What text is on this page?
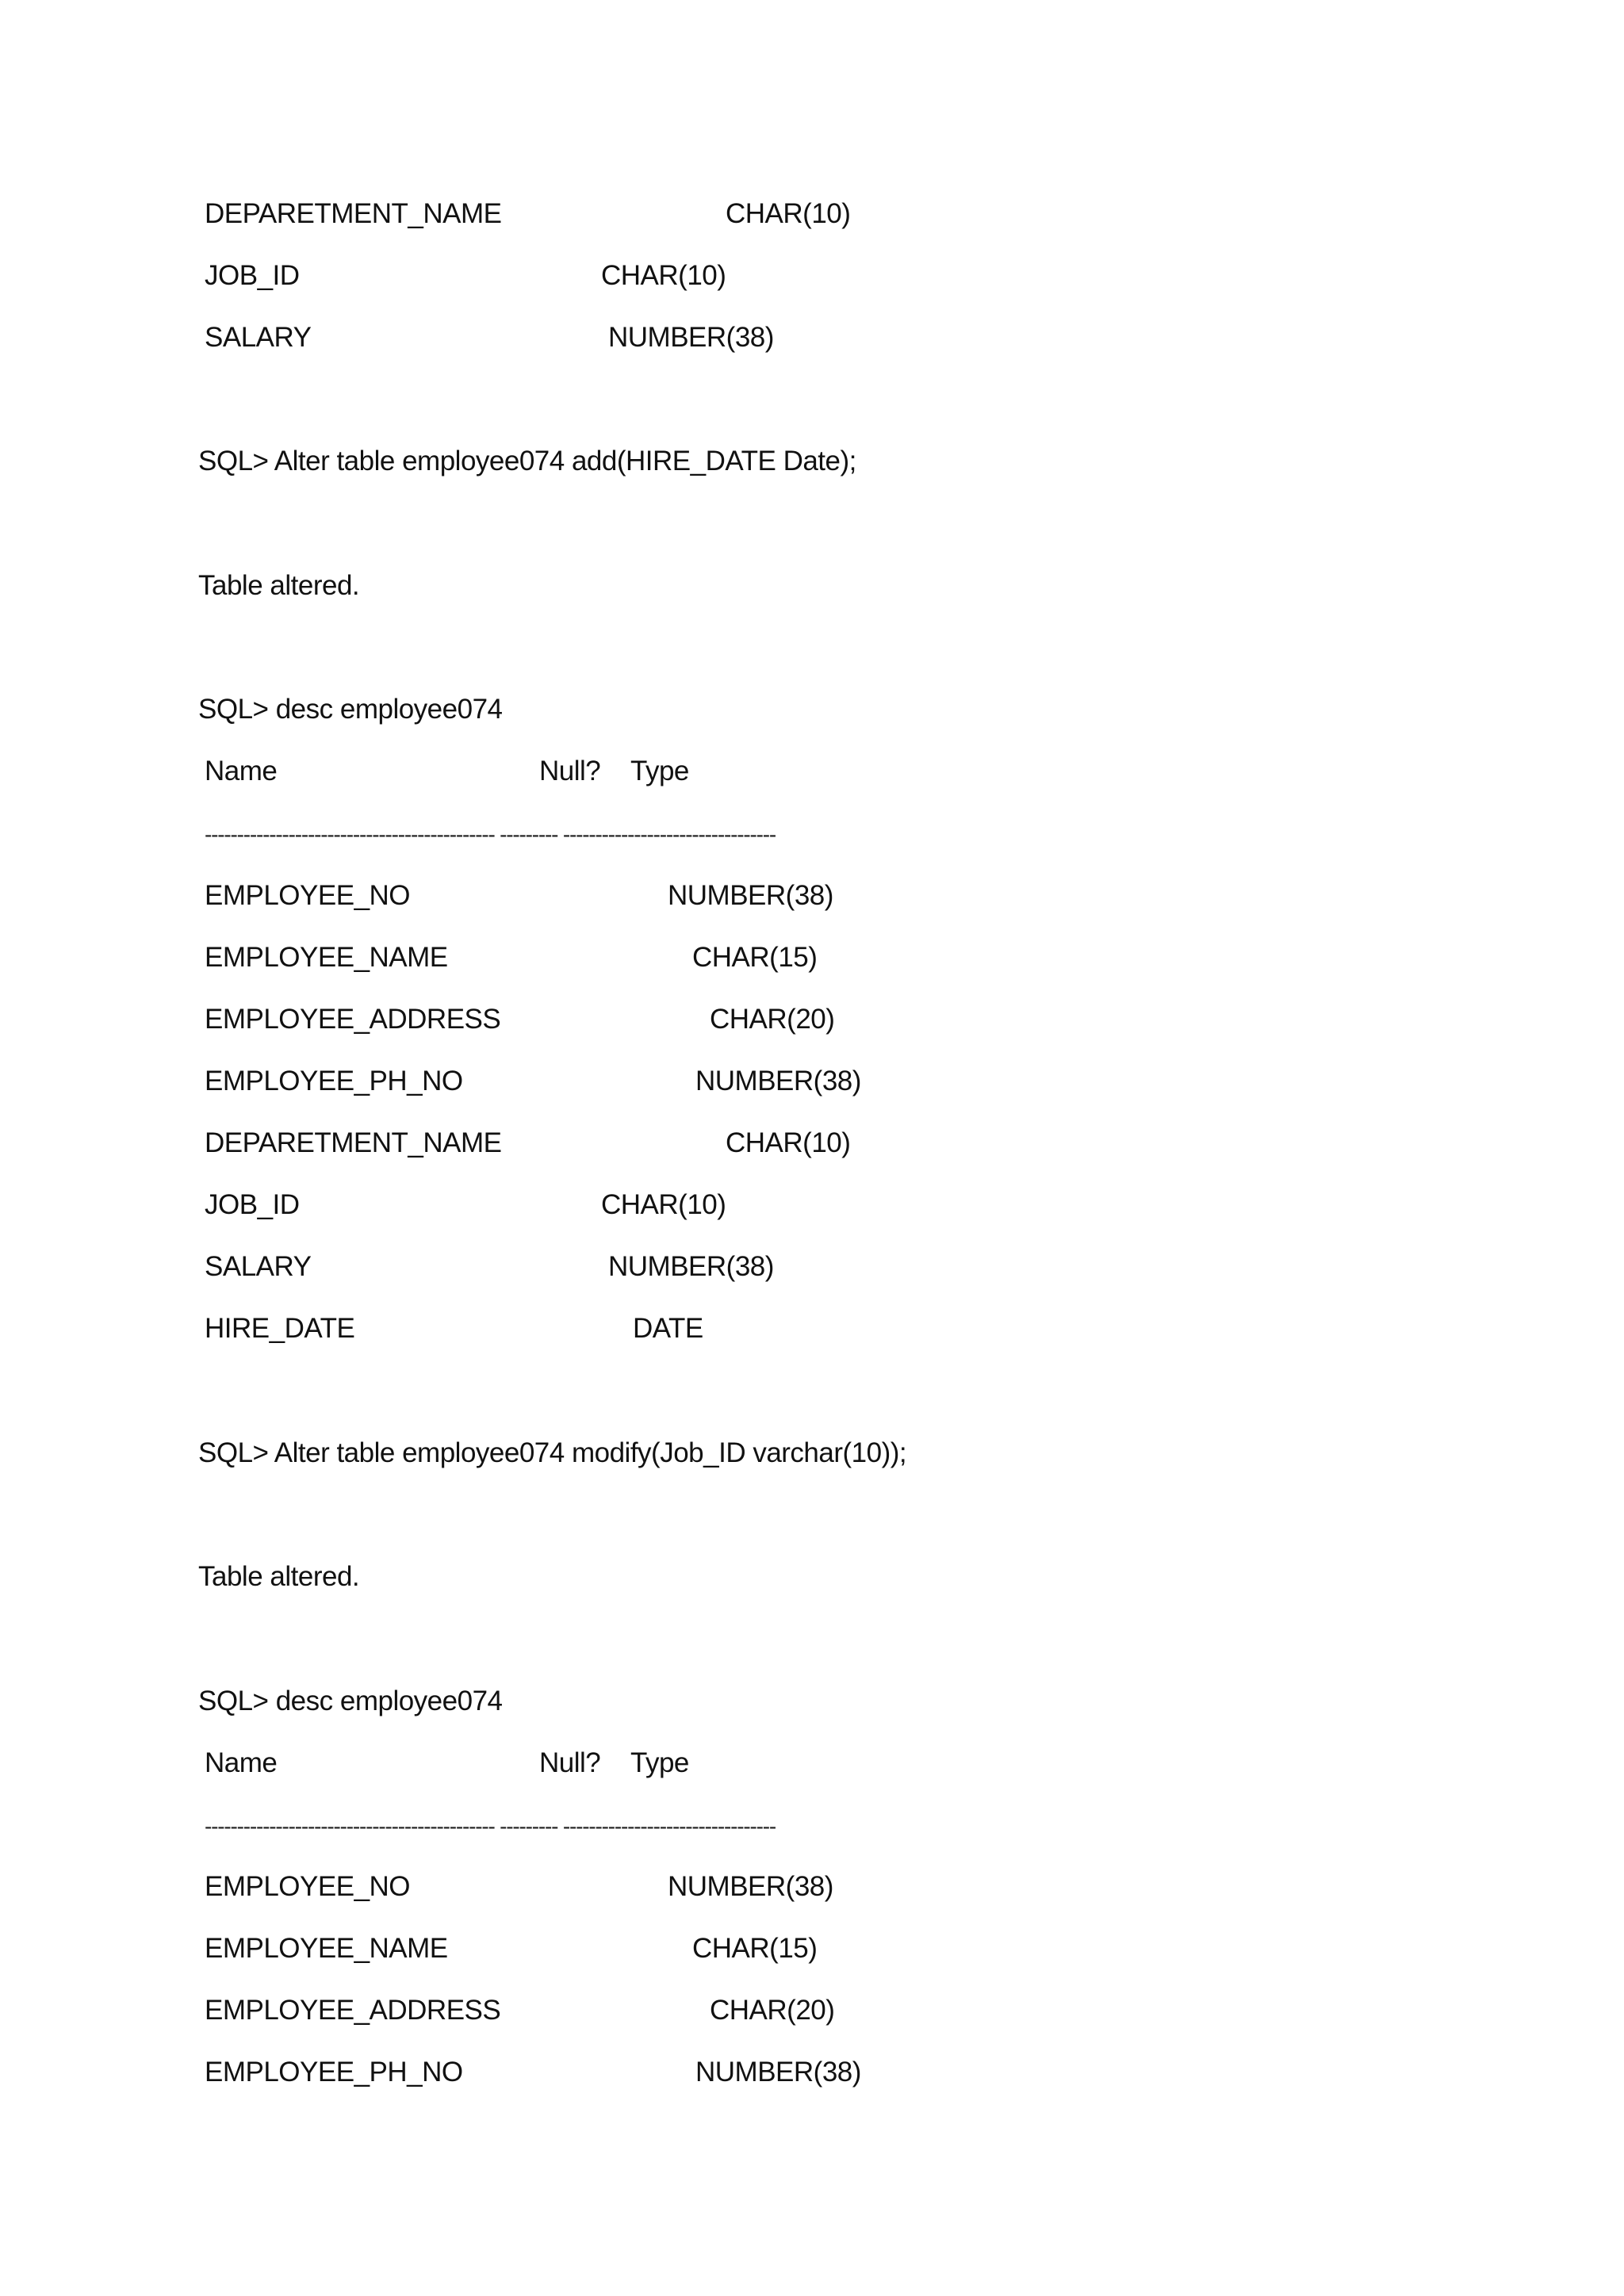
DEPARETMENT_NAME	CHAR(10)
JOB_ID	CHAR(10)
SALARY	NUMBER(38)
SQL> Alter table employee074 add(HIRE_DATE Date);
Table altered.
SQL> desc employee074
Name	Null? Type
--------------------------------------------- --------- ---------------------------------
EMPLOYEE_NO	NUMBER(38)
EMPLOYEE_NAME	CHAR(15)
EMPLOYEE_ADDRESS	CHAR(20)
EMPLOYEE_PH_NO	NUMBER(38)
DEPARETMENT_NAME	CHAR(10)
JOB_ID	CHAR(10)
SALARY	NUMBER(38)
HIRE_DATE	DATE
SQL> Alter table employee074 modify(Job_ID varchar(10));
Table altered.
SQL> desc employee074
Name	Null? Type
--------------------------------------------- --------- ---------------------------------
EMPLOYEE_NO	NUMBER(38)
EMPLOYEE_NAME	CHAR(15)
EMPLOYEE_ADDRESS	CHAR(20)
EMPLOYEE_PH_NO	NUMBER(38)
